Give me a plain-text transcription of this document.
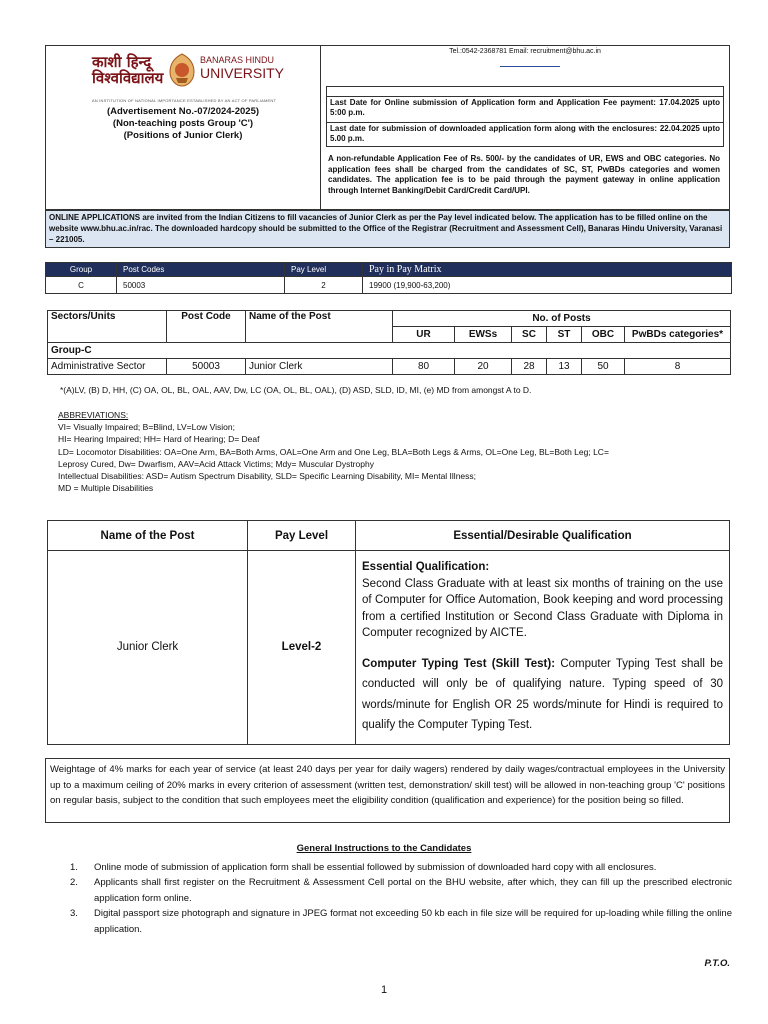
काशी हिन्दू विश्वविद्यालय
BANARAS HINDU
UNIVERSITY
AN INSTITUTION OF NATIONAL IMPORTANCE ESTABLISHED BY AN ACT OF PARLIAMENT
(Advertisement No.-07/2024-2025)
(Non-teaching posts Group 'C')
(Positions of Junior Clerk)
Tel.:0542-2368781 Email: recruitment@bhu.ac.in
Last Date for Online submission of Application form and Application Fee payment: 17.04.2025 upto 5:00 p.m.
Last date for submission of downloaded application form along with the enclosures: 22.04.2025 upto 5.00 p.m.
A non-refundable Application Fee of Rs. 500/- by the candidates of UR, EWS and OBC categories. No application fees shall be charged from the candidates of SC, ST, PwBDs categories and women candidates. The application fee is to be paid through the payment gateway in online application through Internet Banking/Debit Card/Credit Card/UPI.
ONLINE APPLICATIONS are invited from the Indian Citizens to fill vacancies of Junior Clerk as per the Pay level indicated below. The application has to be filled online on the website www.bhu.ac.in/rac. The downloaded hardcopy should be submitted to the Office of the Registrar (Recruitment and Assessment Cell), Banaras Hindu University, Varanasi – 221005.
Group	Post Codes	Pay Level	Pay in Pay Matrix
C	50003	2	19900 (19,900-63,200)
Sectors/Units	Post Code	Name of the Post	No. of Posts					
			UR	EWSs	SC	ST	OBC	PwBDs categories*
Group-C								
Administrative Sector	50003	Junior Clerk	80	20	28	13	50	8
*(A)LV, (B) D, HH, (C) OA, OL, BL, OAL, AAV, Dw, LC (OA, OL, BL, OAL), (D) ASD, SLD, ID, MI, (e) MD from amongst A to D.
ABBREVIATIONS:
VI= Visually Impaired; B=Blind, LV=Low Vision;
HI= Hearing Impaired; HH= Hard of Hearing; D= Deaf
LD= Locomotor Disabilities: OA=One Arm, BA=Both Arms, OAL=One Arm and One Leg, BLA=Both Legs & Arms, OL=One Leg, BL=Both Leg; LC=
Leprosy Cured, Dw= Dwarfism, AAV=Acid Attack Victims; Mdy= Muscular Dystrophy
Intellectual Disabilities: ASD= Autism Spectrum Disability, SLD= Specific Learning Disability, MI= Mental Illness;
MD = Multiple Disabilities
Name of the Post	Pay Level	Essential/Desirable Qualification
Junior Clerk	Level-2	Essential Qualification:
Second Class Graduate with at least six months of training on the use of Computer for Office Automation, Book keeping and word processing from a certified Institution or Second Class Graduate with Diploma in Computer recognized by AICTE.
Computer Typing Test (Skill Test): Computer Typing Test shall be conducted will only be of qualifying nature. Typing speed of 30 words/minute for English OR 25 words/minute for Hindi is required to qualify the Computer Typing Test.
Weightage of 4% marks for each year of service (at least 240 days per year for daily wagers) rendered by daily wages/contractual employees in the University up to a maximum ceiling of 20% marks in every criterion of assessment (written test, demonstration/ skill test) will be allowed in non-teaching group 'C' positions on regular basis, subject to the condition that such employees meet the eligibility condition (qualification and experience) for the position being so filled.
General Instructions to the Candidates
1. Online mode of submission of application form shall be essential followed by submission of downloaded hard copy with all enclosures.
2. Applicants shall first register on the Recruitment & Assessment Cell portal on the BHU website, after which, they can fill up the prescribed electronic application form online.
3. Digital passport size photograph and signature in JPEG format not exceeding 50 kb each in file size will be required for up-loading while filling the online application.
P.T.O.
1
